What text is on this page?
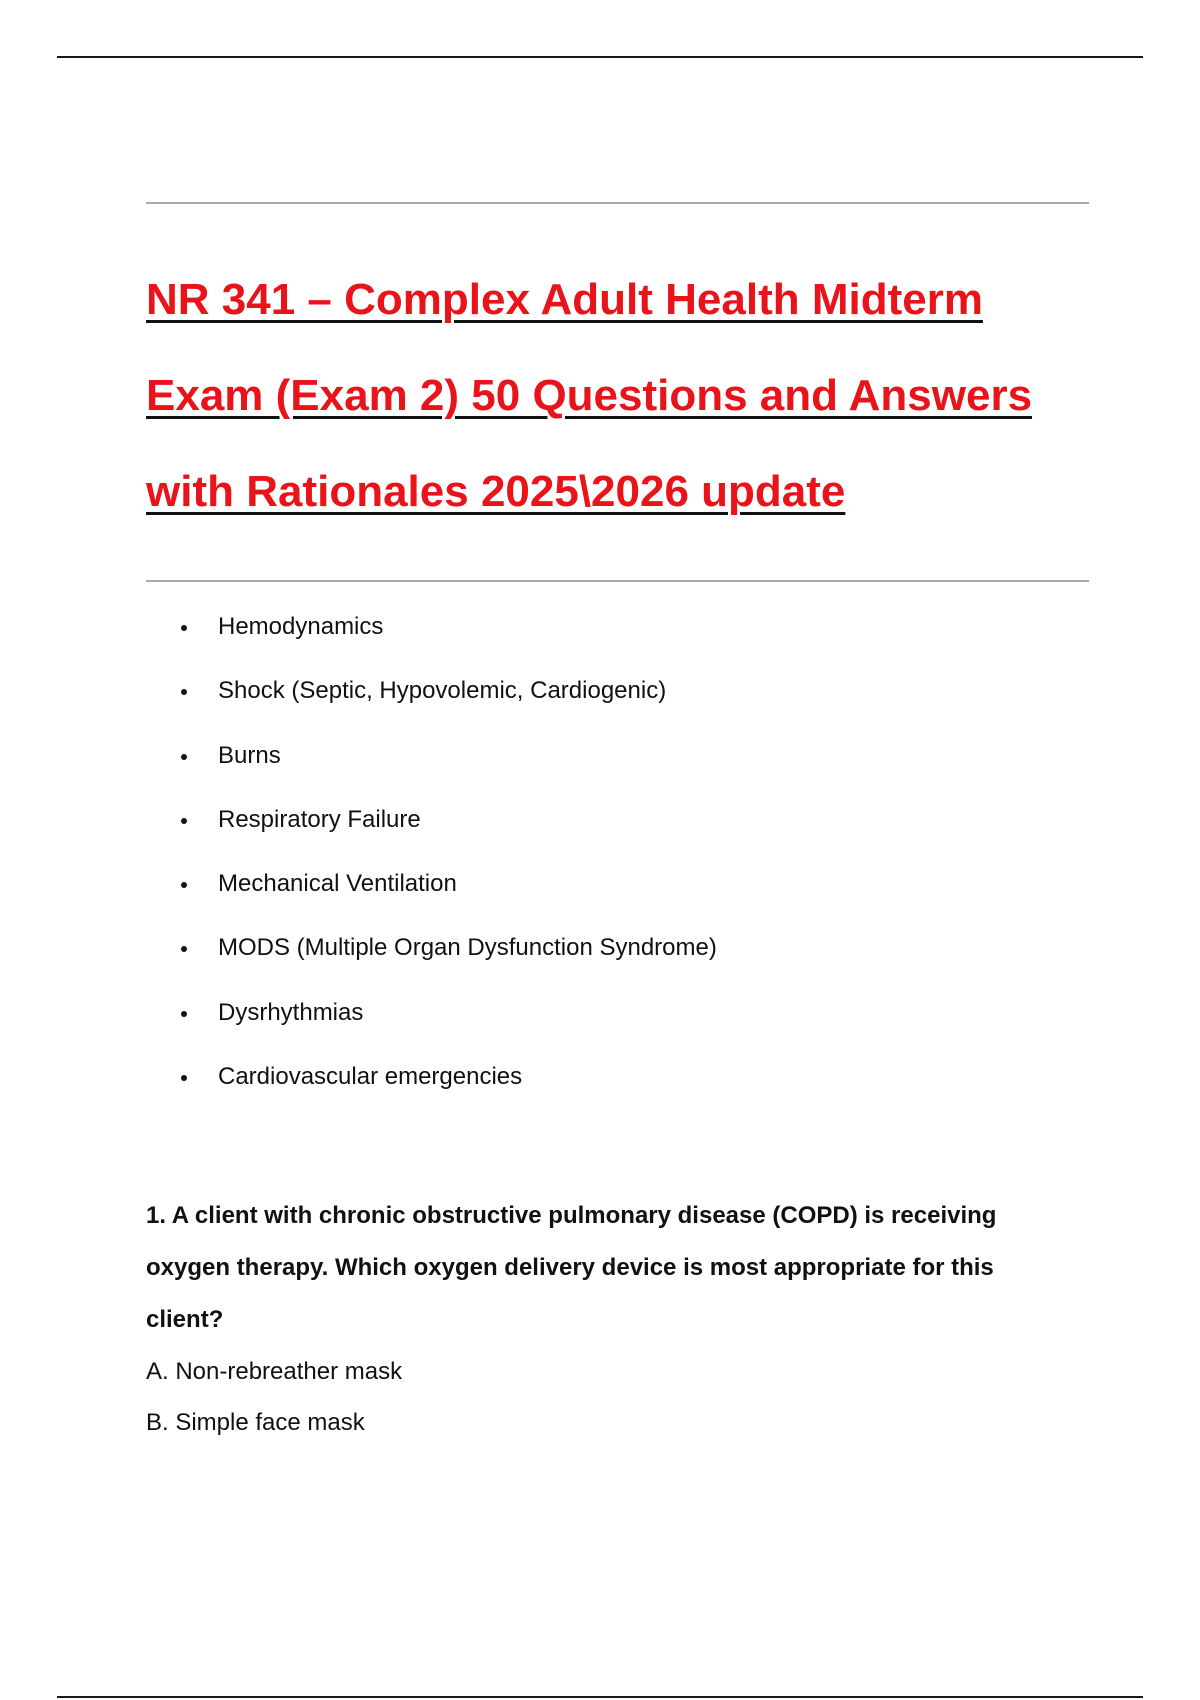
NR 341 – Complex Adult Health Midterm
Exam (Exam 2) 50 Questions and Answers
with Rationales 2025\2026 update
Hemodynamics
Shock (Septic, Hypovolemic, Cardiogenic)
Burns
Respiratory Failure
Mechanical Ventilation
MODS (Multiple Organ Dysfunction Syndrome)
Dysrhythmias
Cardiovascular emergencies

1. A client with chronic obstructive pulmonary disease (COPD) is receiving oxygen therapy. Which oxygen delivery device is most appropriate for this client?

A. Non-rebreather mask
B. Simple face mask
